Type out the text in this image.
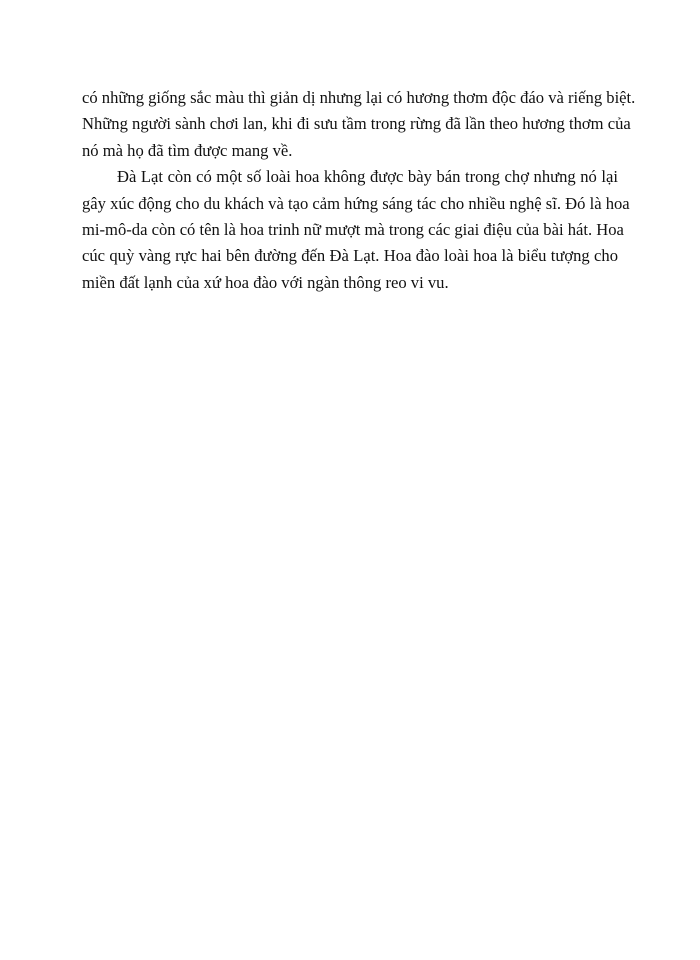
có những giống sắc màu thì giản dị nhưng lại có hương thơm độc đáo và riếng biệt.
Những người sành chơi lan, khi đi sưu tầm trong rừng đã lần theo hương thơm của
nó mà họ đã tìm được mang về.
Đà Lạt còn có một số loài hoa không được bày bán trong chợ nhưng nó lại
gây xúc động cho du khách và tạo cảm hứng sáng tác cho nhiều nghệ sĩ. Đó là hoa
mi-mô-da còn có tên là hoa trinh nữ mượt mà trong các giai điệu của bài hát. Hoa
cúc quỳ vàng rực hai bên đường đến Đà Lạt. Hoa đào loài hoa là biểu tượng cho
miền đất lạnh của xứ hoa đào với ngàn thông reo vi vu.
